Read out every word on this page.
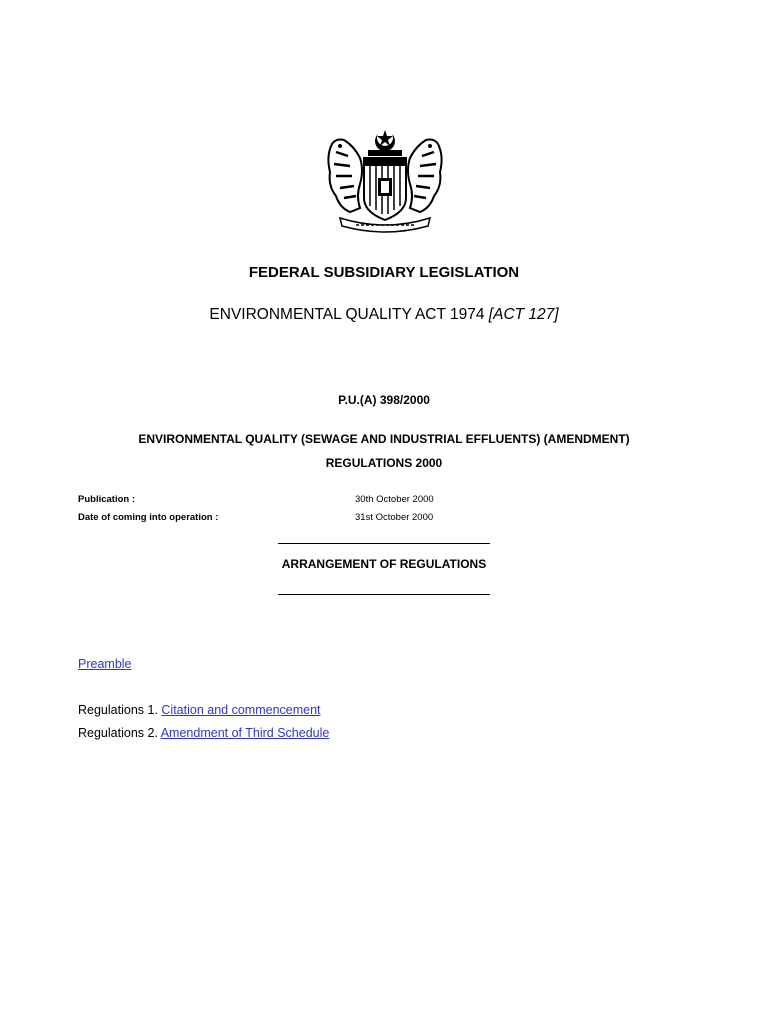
FEDERAL SUBSIDIARY LEGISLATION
ENVIRONMENTAL QUALITY ACT 1974 [ACT 127]
P.U.(A) 398/2000
ENVIRONMENTAL QUALITY (SEWAGE AND INDUSTRIAL EFFLUENTS) (AMENDMENT)
REGULATIONS 2000
Publication :	30th October 2000
Date of coming into operation :	31st October 2000
ARRANGEMENT OF REGULATIONS
Preamble
Regulations 1. Citation and commencement
Regulations 2. Amendment of Third Schedule
